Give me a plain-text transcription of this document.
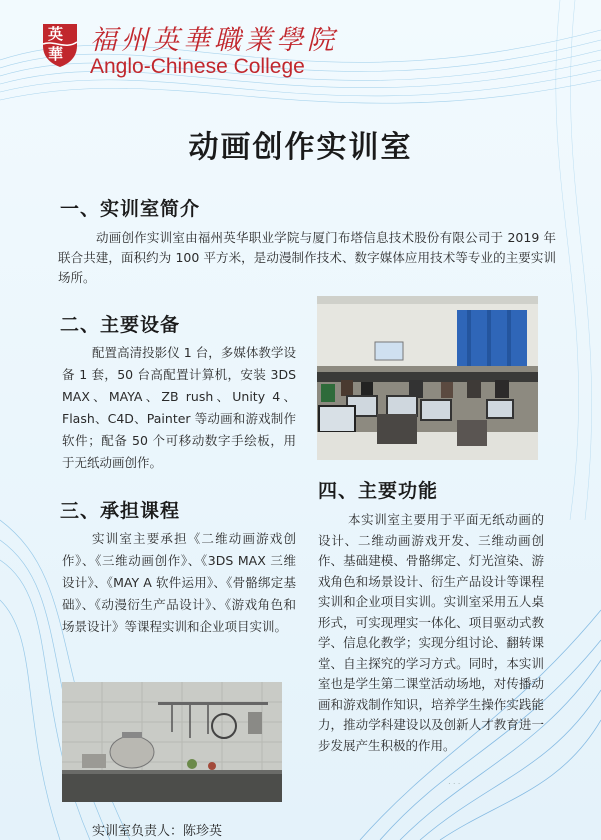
英
華 福州英華職業學院
Anglo-Chinese College
动画创作实训室
一、实训室简介
动画创作实训室由福州英华职业学院与厦门布塔信息技术股份有限公司于 2019 年联合共建，面积约为 100 平方米，是动漫制作技术、数字媒体应用技术等专业的主要实训场所。
二、主要设备
配置高清投影仪 1 台，多媒体教学设备 1 套，50 台高配置计算机，安装 3DS MAX、MAYA、ZB rush、Unity 4、Flash、C4D、Painter 等动画和游戏制作软件；配备 50 个可移动数字手绘板，用于无纸动画创作。
三、承担课程
实训室主要承担《二维动画游戏创作》、《三维动画创作》、《3DS MAX 三维设计》、《MAY A 软件运用》、《骨骼绑定基础》、《动漫衍生产品设计》、《游戏角色和场景设计》等课程实训和企业项目实训。
四、主要功能
本实训室主要用于平面无纸动画的设计、二维动画游戏开发、三维动画创作、基础建模、骨骼绑定、灯光渲染、游戏角色和场景设计、衍生产品设计等课程实训和企业项目实训。实训室采用五人桌形式，可实现理实一体化、项目驱动式教学、信息化教学；实现分组讨论、翻转课堂、自主探究的学习方式。同时，本实训室也是学生第二课堂活动场地，对传播动画和游戏制作知识，培养学生操作实践能力，推动学科建设以及创新人才教育进一步发展产生积极的作用。
· · ·
实训室负责人：陈珍英
